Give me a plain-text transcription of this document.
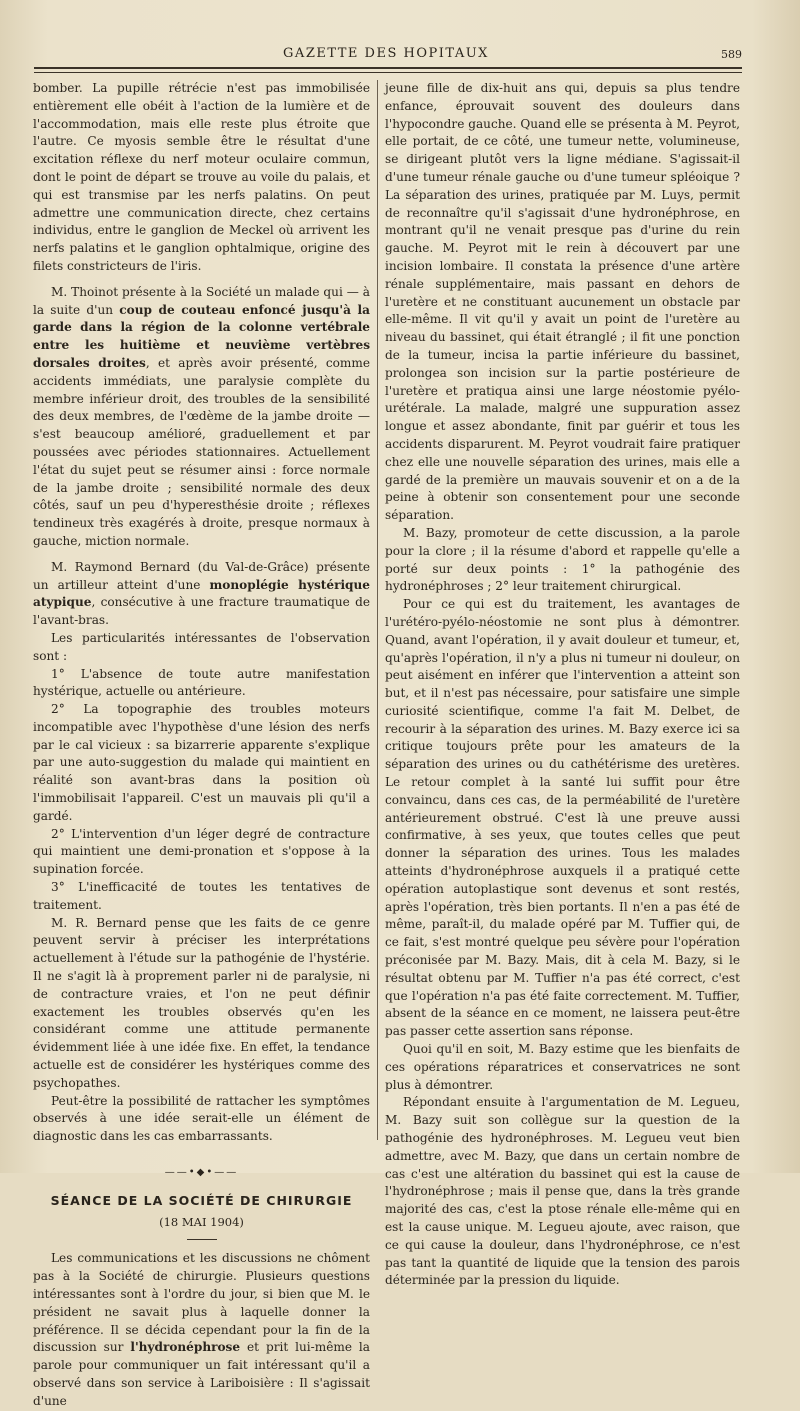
GAZETTE DES HOPITAUX	589

bomber. La pupille rétrécie n'est pas immobilisée entièrement elle obéit à l'action de la lumière et de l'accommodation, mais elle reste plus étroite que l'autre. Ce myosis semble être le résultat d'une excitation réflexe du nerf moteur oculaire commun, dont le point de départ se trouve au voile du palais, et qui est transmise par les nerfs palatins. On peut admettre une communication directe, chez certains individus, entre le ganglion de Meckel où arrivent les nerfs palatins et le ganglion ophtalmique, origine des filets constricteurs de l'iris.

M. Thoinot présente à la Société un malade qui — à la suite d'un coup de couteau enfoncé jusqu'à la garde dans la région de la colonne vertébrale entre les huitième et neuvième vertèbres dorsales droites, et après avoir présenté, comme accidents immédiats, une paralysie complète du membre inférieur droit, des troubles de la sensibilité des deux membres, de l'œdème de la jambe droite — s'est beaucoup amélioré, graduellement et par poussées avec périodes stationnaires. Actuellement l'état du sujet peut se résumer ainsi : force normale de la jambe droite ; sensibilité normale des deux côtés, sauf un peu d'hyperesthésie droite ; réflexes tendineux très exagérés à droite, presque normaux à gauche, miction normale.

M. Raymond Bernard (du Val-de-Grâce) présente un artilleur atteint d'une monoplégie hystérique atypique, consécutive à une fracture traumatique de l'avant-bras.

Les particularités intéressantes de l'observation sont :

1° L'absence de toute autre manifestation hystérique, actuelle ou antérieure.

2° La topographie des troubles moteurs incompatible avec l'hypothèse d'une lésion des nerfs par le cal vicieux : sa bizarrerie apparente s'explique par une auto-suggestion du malade qui maintient en réalité son avant-bras dans la position où l'immobilisait l'appareil. C'est un mauvais pli qu'il a gardé.

2° L'intervention d'un léger degré de contracture qui maintient une demi-pronation et s'oppose à la supination forcée.

3° L'inefficacité de toutes les tentatives de traitement.

M. R. Bernard pense que les faits de ce genre peuvent servir à préciser les interprétations actuellement à l'étude sur la pathogénie de l'hystérie. Il ne s'agit là à proprement parler ni de paralysie, ni de contracture vraies, et l'on ne peut définir exactement les troubles observés qu'en les considérant comme une attitude permanente évidemment liée à une idée fixe. En effet, la tendance actuelle est de considérer les hystériques comme des psychopathes.

Peut-être la possibilité de rattacher les symptômes observés à une idée serait-elle un élément de diagnostic dans les cas embarrassants.

——•◆•——
SÉANCE DE LA SOCIÉTÉ DE CHIRURGIE
(18 MAI 1904)

Les communications et les discussions ne chôment pas à la Société de chirurgie. Plusieurs questions intéressantes sont à l'ordre du jour, si bien que M. le président ne savait plus à laquelle donner la préférence. Il se décida cependant pour la fin de la discussion sur l'hydronéphrose et prit lui-même la parole pour communiquer un fait intéressant qu'il a observé dans son service à Lariboisière : Il s'agissait d'une

jeune fille de dix-huit ans qui, depuis sa plus tendre enfance, éprouvait souvent des douleurs dans l'hypocondre gauche. Quand elle se présenta à M. Peyrot, elle portait, de ce côté, une tumeur nette, volumineuse, se dirigeant plutôt vers la ligne médiane. S'agissait-il d'une tumeur rénale gauche ou d'une tumeur spléoique ? La séparation des urines, pratiquée par M. Luys, permit de reconnaître qu'il s'agissait d'une hydronéphrose, en montrant qu'il ne venait presque pas d'urine du rein gauche. M. Peyrot mit le rein à découvert par une incision lombaire. Il constata la présence d'une artère rénale supplémentaire, mais passant en dehors de l'uretère et ne constituant aucunement un obstacle par elle-même. Il vit qu'il y avait un point de l'uretère au niveau du bassinet, qui était étranglé ; il fit une ponction de la tumeur, incisa la partie inférieure du bassinet, prolongea son incision sur la partie postérieure de l'uretère et pratiqua ainsi une large néostomie pyélo-urétérale. La malade, malgré une suppuration assez longue et assez abondante, finit par guérir et tous les accidents disparurent. M. Peyrot voudrait faire pratiquer chez elle une nouvelle séparation des urines, mais elle a gardé de la première un mauvais souvenir et on a de la peine à obtenir son consentement pour une seconde séparation.

M. Bazy, promoteur de cette discussion, a la parole pour la clore ; il la résume d'abord et rappelle qu'elle a porté sur deux points : 1° la pathogénie des hydronéphroses ; 2° leur traitement chirurgical.

Pour ce qui est du traitement, les avantages de l'urétéro-pyélo-néostomie ne sont plus à démontrer. Quand, avant l'opération, il y avait douleur et tumeur, et, qu'après l'opération, il n'y a plus ni tumeur ni douleur, on peut aisément en inférer que l'intervention a atteint son but, et il n'est pas nécessaire, pour satisfaire une simple curiosité scientifique, comme l'a fait M. Delbet, de recourir à la séparation des urines. M. Bazy exerce ici sa critique toujours prête pour les amateurs de la séparation des urines ou du cathétérisme des uretères. Le retour complet à la santé lui suffit pour être convaincu, dans ces cas, de la perméabilité de l'uretère antérieurement obstrué. C'est là une preuve aussi confirmative, à ses yeux, que toutes celles que peut donner la séparation des urines. Tous les malades atteints d'hydronéphrose auxquels il a pratiqué cette opération autoplastique sont devenus et sont restés, après l'opération, très bien portants. Il n'en a pas été de même, paraît-il, du malade opéré par M. Tuffier qui, de ce fait, s'est montré quelque peu sévère pour l'opération préconisée par M. Bazy. Mais, dit à cela M. Bazy, si le résultat obtenu par M. Tuffier n'a pas été correct, c'est que l'opération n'a pas été faite correctement. M. Tuffier, absent de la séance en ce moment, ne laissera peut-être pas passer cette assertion sans réponse.

Quoi qu'il en soit, M. Bazy estime que les bienfaits de ces opérations réparatrices et conservatrices ne sont plus à démontrer.

Répondant ensuite à l'argumentation de M. Legueu, M. Bazy suit son collègue sur la question de la pathogénie des hydronéphroses. M. Legueu veut bien admettre, avec M. Bazy, que dans un certain nombre de cas c'est une altération du bassinet qui est la cause de l'hydronéphrose ; mais il pense que, dans la très grande majorité des cas, c'est la ptose rénale elle-même qui en est la cause unique. M. Legueu ajoute, avec raison, que ce qui cause la douleur, dans l'hydronéphrose, ce n'est pas tant la quantité de liquide que la tension des parois déterminée par la pression du liquide.
